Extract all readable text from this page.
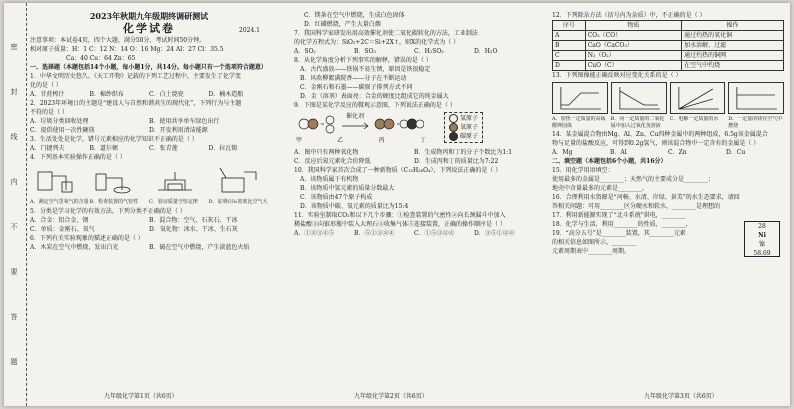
密
封
线
内
不
要
答
题
2023年秋期九年级期终调研测试
化学试卷	2024.1

注意事项：本试卷4页，四个大题，满分50分，考试时间50分钟。

相对原子质量：H：1 C：12 N：14 O：16 Mg：24 Al：27 Cl：35.5

Ca：40 Cu：64 Zn：65

一、选择题（本题包括14个小题，每小题1分，共14分。每小题只有一个选项符合题意）

1．中华文明历史悠久。《天工开物》记载的下列工艺过程中，主要发生了化学变

化的是（ ）

A．甘蔗榨汁	B．棉纱织布	C．白土烧瓷	D．楠木造船

2．2023年环境日的主题是“建设人与自然和谐共生的现代化”，下列行为与主题

不符的是（ ）

A．垃圾分类回收处理	B．使用共享单车绿色出行
C．提倡使用一次性碗筷	D．开发利用清洁能源

3．生活处处是化学，错号元素相应的化学知识不正确的是（ ）

A．门捷列夫	B．道尔顿	C．张青莲	D．拉瓦锡

4．下列基本实验操作正确的是（ ）

A．测定空气里氧气的含量 B．检查装置的气密性	C．验证质量守恒定律	D．证明CO₂密度比空气大

5．分类是学习化学的有效方法，下列分类不正确的是（ ）

A．合金：铝合金、钢	B．混合物：空气、石灰石、干冰
C．单质：金刚石、氧气	D．氧化物：冰水、干冰、生石灰

6．下列有关实验现象的描述正确的是（ ）

A．木炭在空气中燃烧，发出白光	B．硫在空气中燃烧，产生淡蓝色火焰
九年级化学第1页（共6页）

C．镁条在空气中燃烧，生成白色固体

D．红磷燃烧，产生大量白烟

7．我国科学家研发出用高效催化剂使二氧化碳转化的方法，工业制法

的化学方程式为：SiO₂+2C＝Si+2X↑，则X的化学式为（ ）

A．SO₂	B．SO₃	C．H₂SO₃	D．H₂O

8．从化学角度分析下列事实的解释，错误的是（ ）

A．古代盛放——铁锅不易生锈，原因是铁很稳定

B．风吹柳絮满院香——分子在不断运动

C．金刚石和石墨——碳原子排列方式不同

D．金（溶剂）表面亮：合金的硬度比组成它的纯金属大

9．下图是某化学反应的微观示意图，下列说法正确的是（ ）

催化剂
甲	乙	丙	丁
氢原子
氧原子
碳原子
A．图中只有两种氧化物	B．生成物丙和丁的分子个数比为1:1
C．反应后氮元素化合价降低	D．生成丙和丁的质量比为7:22

10．我国科学家首次合成了一种新物质（C₁₅H₂₈O₄），下列说法正确的是（ ）

A．该物质属于有机物

B．该物质中氢元素的质量分数最大

C．该物质由47个原子构成

D．该物质中碳、氧元素的质量比为15:4

11．实验室制取CO₂和以下几个步骤：①检查装置的气密性②向长颈漏斗中加入

稀盐酸③向锥形瓶中装入大理石④收集气体⑤连接装置，正确的操作顺序是（ ）

A．①②③④⑤	B．⑤①③②④	C．①⑤③②④	D．③⑤①②④
九年级化学第2页（共6页）

12．下列除杂方法（括号内为杂质）中，不正确的是（ ）

序号	物质	操作
A	CO₂（CO）	通过灼热的氧化铜
B	CaO（CaCO₃）	加水溶解、过滤
C	N₂（O₂）	通过灼热的铜网
D	CuO（C）	在空气中灼烧

13．下列图像能正确反映对应变化关系的是（ ）

A．加热一定质量的高锰酸钾固体
B．向一定质量的二氧化锰中加入过氧化氢溶液
C．电解一定质量的水	D．一定量的镁在空气中燃烧

14．某金属混合物由Mg、Al、Zn、Cu四种金属中的两种组成，6.5g该金属混合

物与足量的盐酸反应，可得到0.2g氢气，则该混合物中一定含有的金属是（ ）

A．Mg	B．Al	C．Zn	D．Cu

二、填空题（本题包括6个小题，共16分）

15．用化学用语填空：

使用最多的金属是________；天然气的主要成分是________；

地壳中含量最多的元素是________。

16．合理利用水资源是“河畅、水清、岸绿、景美”的水生态要求，请回

答相关问题：可用________区分硬水和软水，________是理想的

17．利用新能源实现了“北斗系统”供电，________

18．化学与生活，利用________的性质，________，

19．“高分五号”是________装置，其________元素

的相关信息如图所示，________

元素周期表中________周期。

28
Ni
镍
58.69
九年级化学第3页（共6页）
